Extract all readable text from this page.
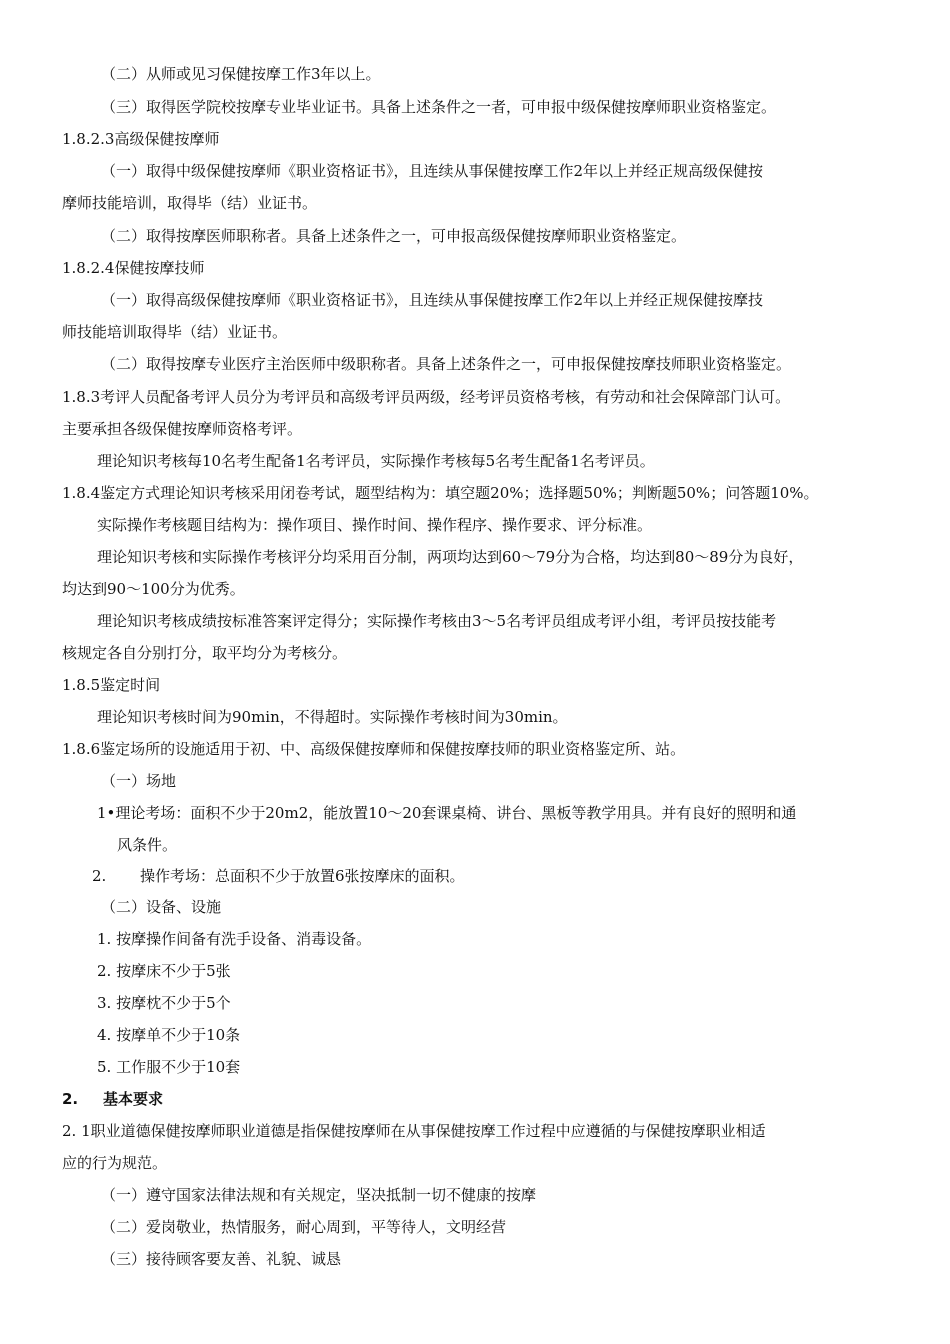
（二）从师或见习保健按摩工作3年以上。
（三）取得医学院校按摩专业毕业证书。具备上述条件之一者，可申报中级保健按摩师职业资格鉴定。
1.8.2.3高级保健按摩师
（一）取得中级保健按摩师《职业资格证书》，且连续从事保健按摩工作2年以上并经正规高级保健按
摩师技能培训，取得毕（结）业证书。
（二）取得按摩医师职称者。具备上述条件之一，可申报高级保健按摩师职业资格鉴定。
1.8.2.4保健按摩技师
（一）取得高级保健按摩师《职业资格证书》，且连续从事保健按摩工作2年以上并经正规保健按摩技
师技能培训取得毕（结）业证书。
（二）取得按摩专业医疗主治医师中级职称者。具备上述条件之一，可申报保健按摩技师职业资格鉴定。
1.8.3考评人员配备考评人员分为考评员和高级考评员两级，经考评员资格考核，有劳动和社会保障部门认可。
主要承担各级保健按摩师资格考评。
理论知识考核每10名考生配备1名考评员，实际操作考核每5名考生配备1名考评员。
1.8.4鉴定方式理论知识考核采用闭卷考试，题型结构为：填空题20%；选择题50%；判断题50%；问答题10%。
实际操作考核题目结构为：操作项目、操作时间、操作程序、操作要求、评分标准。
理论知识考核和实际操作考核评分均采用百分制，两项均达到60〜79分为合格，均达到80〜89分为良好，
均达到90〜100分为优秀。
理论知识考核成绩按标准答案评定得分；实际操作考核由3〜5名考评员组成考评小组，考评员按技能考
核规定各自分别打分，取平均分为考核分。
1.8.5鉴定时间
理论知识考核时间为90min，不得超时。实际操作考核时间为30min。
1.8.6鉴定场所的设施适用于初、中、高级保健按摩师和保健按摩技师的职业资格鉴定所、站。
（一）场地
1•理论考场：面积不少于20m2，能放置10〜20套课桌椅、讲台、黑板等教学用具。并有良好的照明和通
风条件。
2. 操作考场：总面积不少于放置6张按摩床的面积。
（二）设备、设施
1. 按摩操作间备有洗手设备、消毒设备。
2. 按摩床不少于5张
3. 按摩枕不少于5个
4. 按摩单不少于10条
5. 工作服不少于10套
2. 基本要求
2. 1职业道德保健按摩师职业道德是指保健按摩师在从事保健按摩工作过程中应遵循的与保健按摩职业相适
应的行为规范。
（一）遵守国家法律法规和有关规定，坚决抵制一切不健康的按摩
（二）爱岗敬业，热情服务，耐心周到，平等待人，文明经营
（三）接待顾客要友善、礼貌、诚恳
